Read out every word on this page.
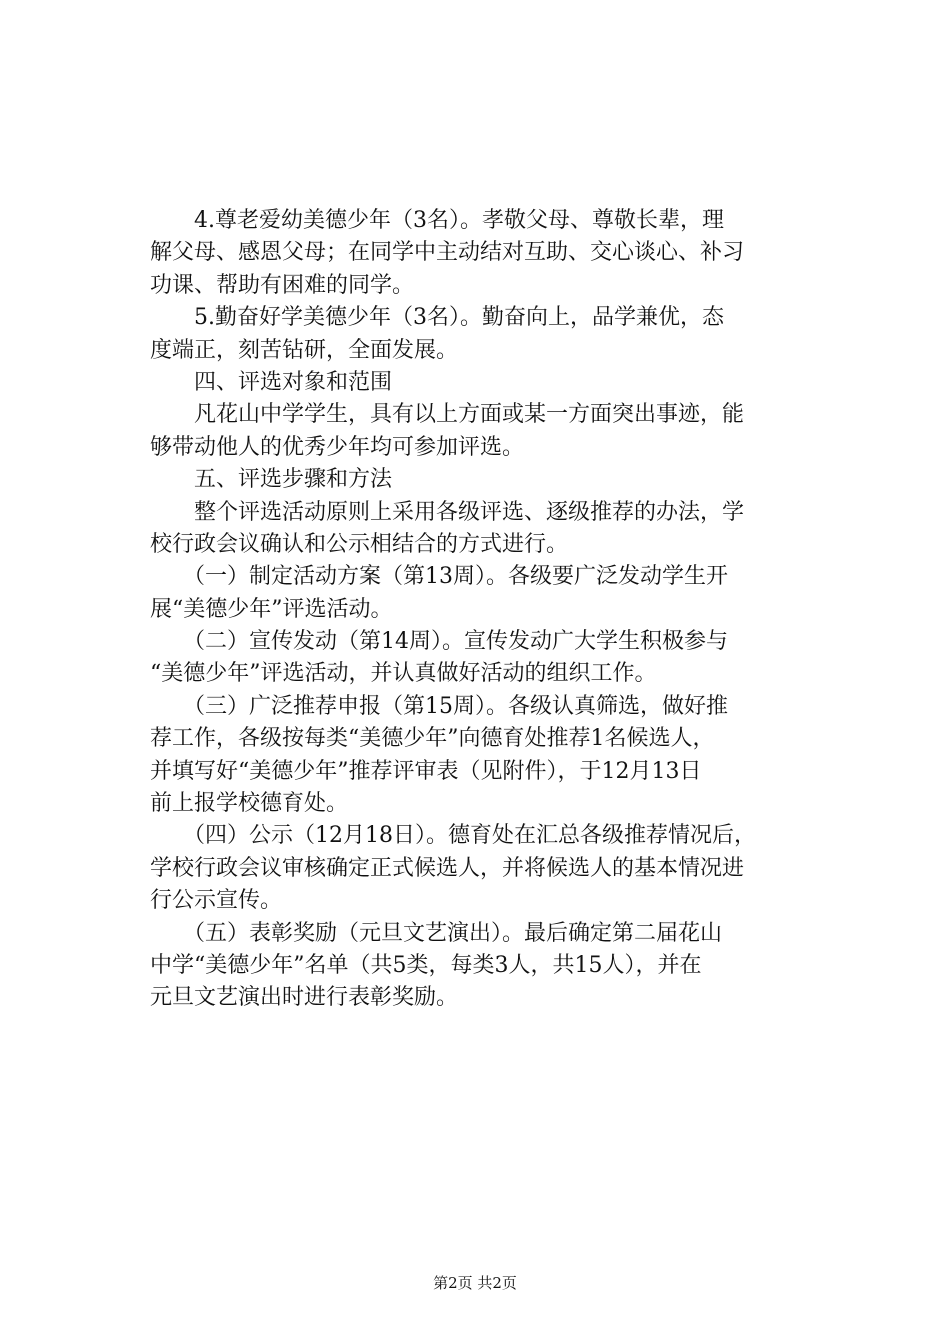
　　4.尊老爱幼美德少年（3名）。孝敬父母、尊敬长辈，理
解父母、感恩父母；在同学中主动结对互助、交心谈心、补习
功课、帮助有困难的同学。
　　5.勤奋好学美德少年（3名）。勤奋向上，品学兼优，态
度端正，刻苦钻研，全面发展。
　　四、评选对象和范围
　　凡花山中学学生，具有以上方面或某一方面突出事迹，能
够带动他人的优秀少年均可参加评选。
　　五、评选步骤和方法
　　整个评选活动原则上采用各级评选、逐级推荐的办法，学
校行政会议确认和公示相结合的方式进行。
　　（一）制定活动方案（第13周）。各级要广泛发动学生开
展“美德少年”评选活动。
　　（二）宣传发动（第14周）。宣传发动广大学生积极参与
“美德少年”评选活动，并认真做好活动的组织工作。
　　（三）广泛推荐申报（第15周）。各级认真筛选，做好推
荐工作，各级按每类“美德少年”向德育处推荐1名候选人，
并填写好“美德少年”推荐评审表（见附件），于12月13日
前上报学校德育处。
　　（四）公示（12月18日）。德育处在汇总各级推荐情况后，
学校行政会议审核确定正式候选人，并将候选人的基本情况进
行公示宣传。
　　（五）表彰奖励（元旦文艺演出）。最后确定第二届花山
中学“美德少年”名单（共5类，每类3人，共15人），并在
元旦文艺演出时进行表彰奖励。
第2页 共2页
